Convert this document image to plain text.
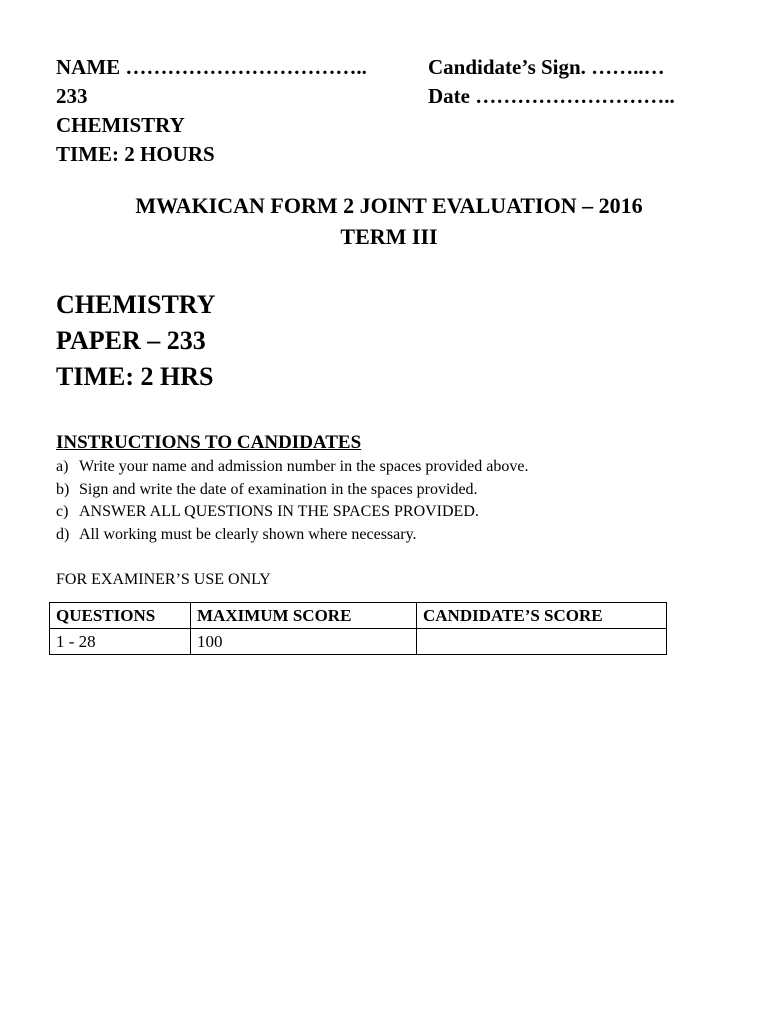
NAME ……………………………..	Candidate’s Sign. ……..…
233	Date ………………………..
CHEMISTRY
TIME: 2 HOURS
MWAKICAN FORM 2 JOINT EVALUATION – 2016
TERM III
CHEMISTRY
PAPER – 233
TIME: 2 HRS
INSTRUCTIONS TO CANDIDATES
a) Write your name and admission number in the spaces provided above.
b) Sign and write the date of examination in the spaces provided.
c) ANSWER ALL QUESTIONS IN THE SPACES PROVIDED.
d) All working must be clearly shown where necessary.
FOR EXAMINER’S USE ONLY
QUESTIONS	MAXIMUM SCORE	CANDIDATE’S SCORE
1 - 28	100	
